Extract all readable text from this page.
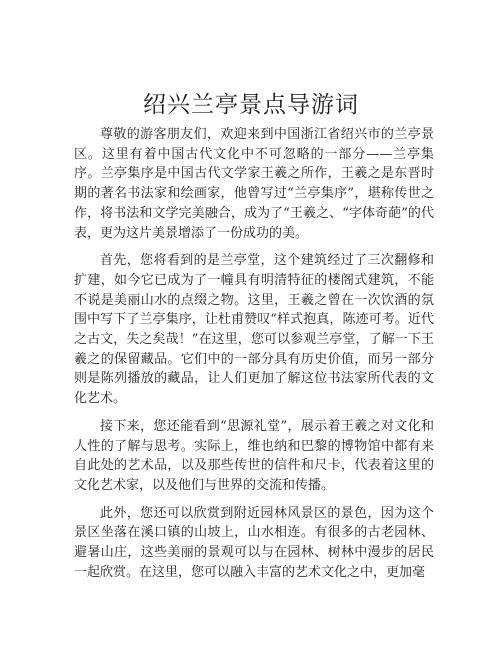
绍兴兰亭景点导游词

尊敬的游客朋友们，欢迎来到中国浙江省绍兴市的兰亭景区。这里有着中国古代文化中不可忽略的一部分——兰亭集序。兰亭集序是中国古代文学家王羲之所作，王羲之是东晋时期的著名书法家和绘画家，他曾写过“兰亭集序”，堪称传世之作，将书法和文学完美融合，成为了“王羲之、“字体奇葩”的代表，更为这片美景增添了一份成功的美。

首先，您将看到的是兰亭堂，这个建筑经过了三次翻修和扩建，如今它已成为了一幢具有明清特征的楼阁式建筑，不能不说是美丽山水的点缀之物。这里，王羲之曾在一次饮酒的氛围中写下了兰亭集序，让杜甫赞叹“样式抱真，陈迹可考。近代之古文，失之矣哉！”在这里，您可以参观兰亭堂，了解一下王羲之的保留藏品。它们中的一部分具有历史价值，而另一部分则是陈列播放的藏品，让人们更加了解这位书法家所代表的文化艺术。

接下来，您还能看到“思源礼堂”，展示着王羲之对文化和人性的了解与思考。实际上，维也纳和巴黎的博物馆中都有来自此处的艺术品，以及那些传世的信件和尺卡，代表着这里的文化艺术家，以及他们与世界的交流和传播。

此外，您还可以欣赏到附近园林风景区的景色，因为这个景区坐落在溪口镇的山坡上，山水相连。有很多的古老园林、避暑山庄，这些美丽的景观可以与在园林、树林中漫步的居民一起欣赏。在这里，您可以融入丰富的艺术文化之中，更加毫
